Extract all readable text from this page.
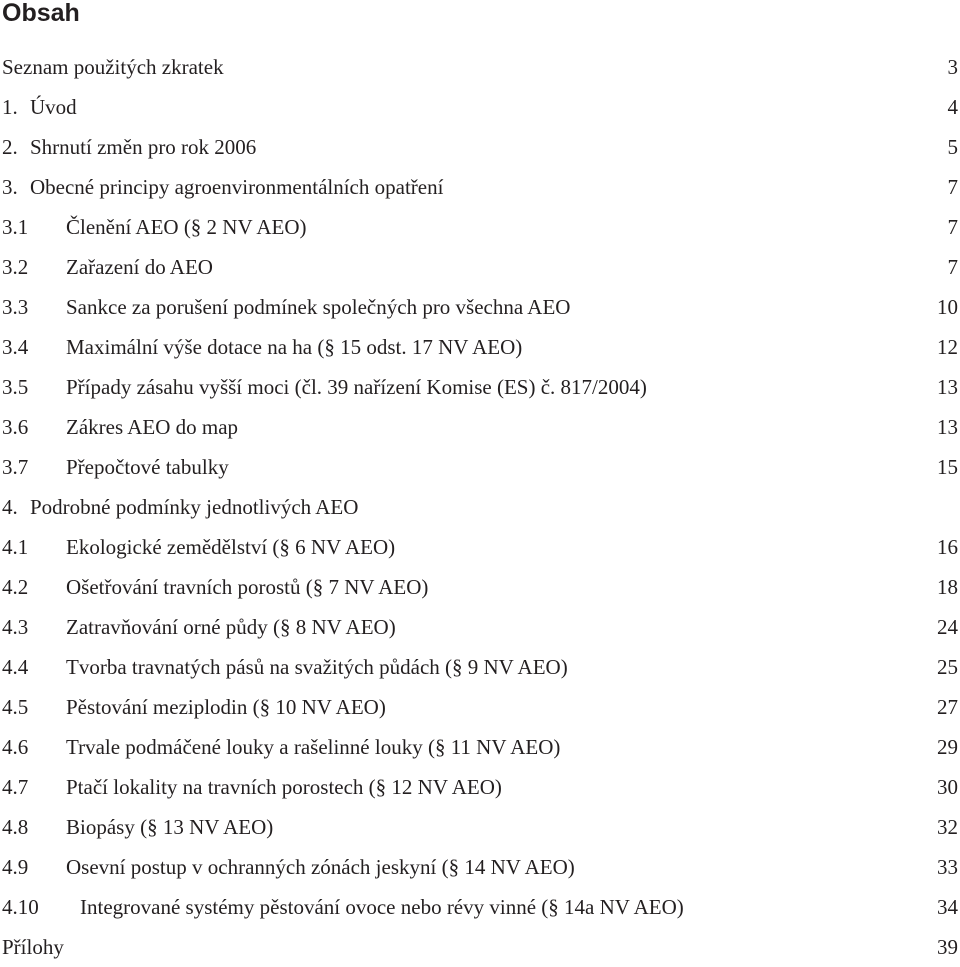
Obsah
Seznam použitých zkratek	3
1. Úvod	4
2. Shrnutí změn pro rok 2006	5
3. Obecné principy agroenvironmentálních opatření	7
3.1 Členění AEO (§ 2 NV AEO)	7
3.2 Zařazení do AEO	7
3.3 Sankce za porušení podmínek společných pro všechna AEO	10
3.4 Maximální výše dotace na ha (§ 15 odst. 17 NV AEO)	12
3.5 Případy zásahu vyšší moci (čl. 39 nařízení Komise (ES) č. 817/2004)	13
3.6 Zákres AEO do map	13
3.7 Přepočtové tabulky	15
4. Podrobné podmínky jednotlivých AEO
4.1 Ekologické zemědělství (§ 6 NV AEO)	16
4.2 Ošetřování travních porostů (§ 7 NV AEO)	18
4.3 Zatravňování orné půdy (§ 8 NV AEO)	24
4.4 Tvorba travnatých pásů na svažitých půdách (§ 9 NV AEO)	25
4.5 Pěstování meziplodin (§ 10 NV AEO)	27
4.6 Trvale podmáčené louky a rašelinné louky (§ 11 NV AEO)	29
4.7 Ptačí lokality na travních porostech (§ 12 NV AEO)	30
4.8 Biopásy (§ 13 NV AEO)	32
4.9 Osevní postup v ochranných zónách jeskyní (§ 14 NV AEO)	33
4.10 Integrované systémy pěstování ovoce nebo révy vinné (§ 14a NV AEO)	34
Přílohy	39
